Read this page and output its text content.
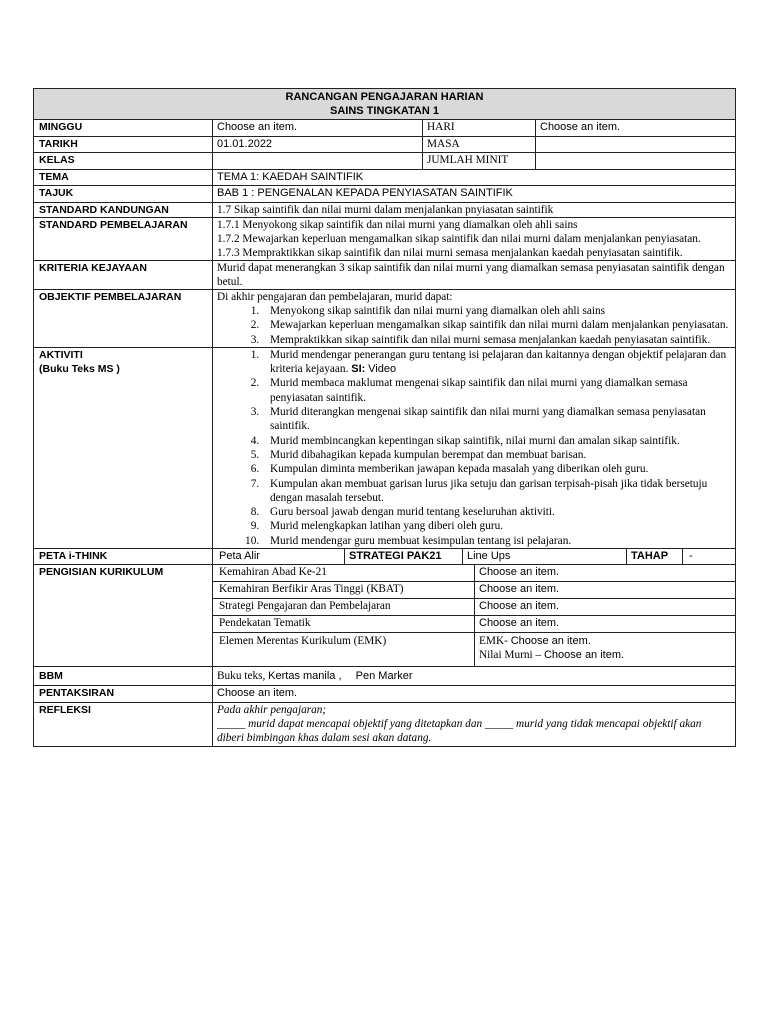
RANCANGAN PENGAJARAN HARIAN
SAINS TINGKATAN 1

MINGGU	Choose an item.	HARI	Choose an item.
TARIKH	01.01.2022	MASA	
KELAS		JUMLAH MINIT	
TEMA	TEMA 1: KAEDAH SAINTIFIK
TAJUK	BAB 1 : PENGENALAN KEPADA PENYIASATAN SAINTIFIK
STANDARD KANDUNGAN	1.7 Sikap saintifik dan nilai murni dalam menjalankan pnyiasatan saintifik
STANDARD PEMBELAJARAN	1.7.1 Menyokong sikap saintifik dan nilai murni yang diamalkan oleh ahli sains
1.7.2 Mewajarkan keperluan mengamalkan sikap saintifik dan nilai murni dalam menjalankan penyiasatan.
1.7.3 Mempraktikkan sikap saintifik dan nilai murni semasa menjalankan kaedah penyiasatan saintifik.

KRITERIA KEJAYAAN	Murid dapat menerangkan 3 sikap saintifik dan nilai murni yang diamalkan semasa penyiasatan saintifik dengan betul.
OBJEKTIF PEMBELAJARAN	Di akhir pengajaran dan pembelajaran, murid dapat:
1. Menyokong sikap saintifik dan nilai murni yang diamalkan oleh ahli sains
2. Mewajarkan keperluan mengamalkan sikap saintifik dan nilai murni dalam menjalankan penyiasatan.
3. Mempraktikkan sikap saintifik dan nilai murni semasa menjalankan kaedah penyiasatan saintifik.

AKTIVITI
(Buku Teks MS )

1. Murid mendengar penerangan guru tentang isi pelajaran dan kaitannya dengan objektif pelajaran dan kriteria kejayaan. SI: Video
2. Murid membaca maklumat mengenai sikap saintifik dan nilai murni yang diamalkan semasa penyiasatan saintifik.
3. Murid diterangkan mengenai sikap saintifik dan nilai murni yang diamalkan semasa penyiasatan saintifik.
4. Murid membincangkan kepentingan sikap saintifik, nilai murni dan amalan sikap saintifik.
5. Murid dibahagikan kepada kumpulan berempat dan membuat barisan.
6. Kumpulan diminta memberikan jawapan kepada masalah yang diberikan oleh guru.
7. Kumpulan akan membuat garisan lurus jika setuju dan garisan terpisah-pisah jika tidak bersetuju dengan masalah tersebut.
8. Guru bersoal jawab dengan murid tentang keseluruhan aktiviti.
9. Murid melengkapkan latihan yang diberi oleh guru.
10. Murid mendengar guru membuat kesimpulan tentang isi pelajaran.

PETA i-THINK		Peta Alir	STRATEGI PAK21	Line Ups	TAHAP	-

PENGISIAN KURIKULUM		Kemahiran Abad Ke-21	Choose an item.
Kemahiran Berfikir Aras Tinggi (KBAT)	Choose an item.
Strategi Pengajaran dan Pembelajaran	Choose an item.
Pendekatan Tematik	Choose an item.
Elemen Merentas Kurikulum (EMK)	EMK- Choose an item.
Nilai Murni – Choose an item.

BBM	Buku teks, Kertas manila , Pen Marker
PENTAKSIRAN	Choose an item.
REFLEKSI	Pada akhir pengajaran;
_____ murid dapat mencapai objektif yang ditetapkan dan _____ murid yang tidak mencapai objektif akan diberi bimbingan khas dalam sesi akan datang.
